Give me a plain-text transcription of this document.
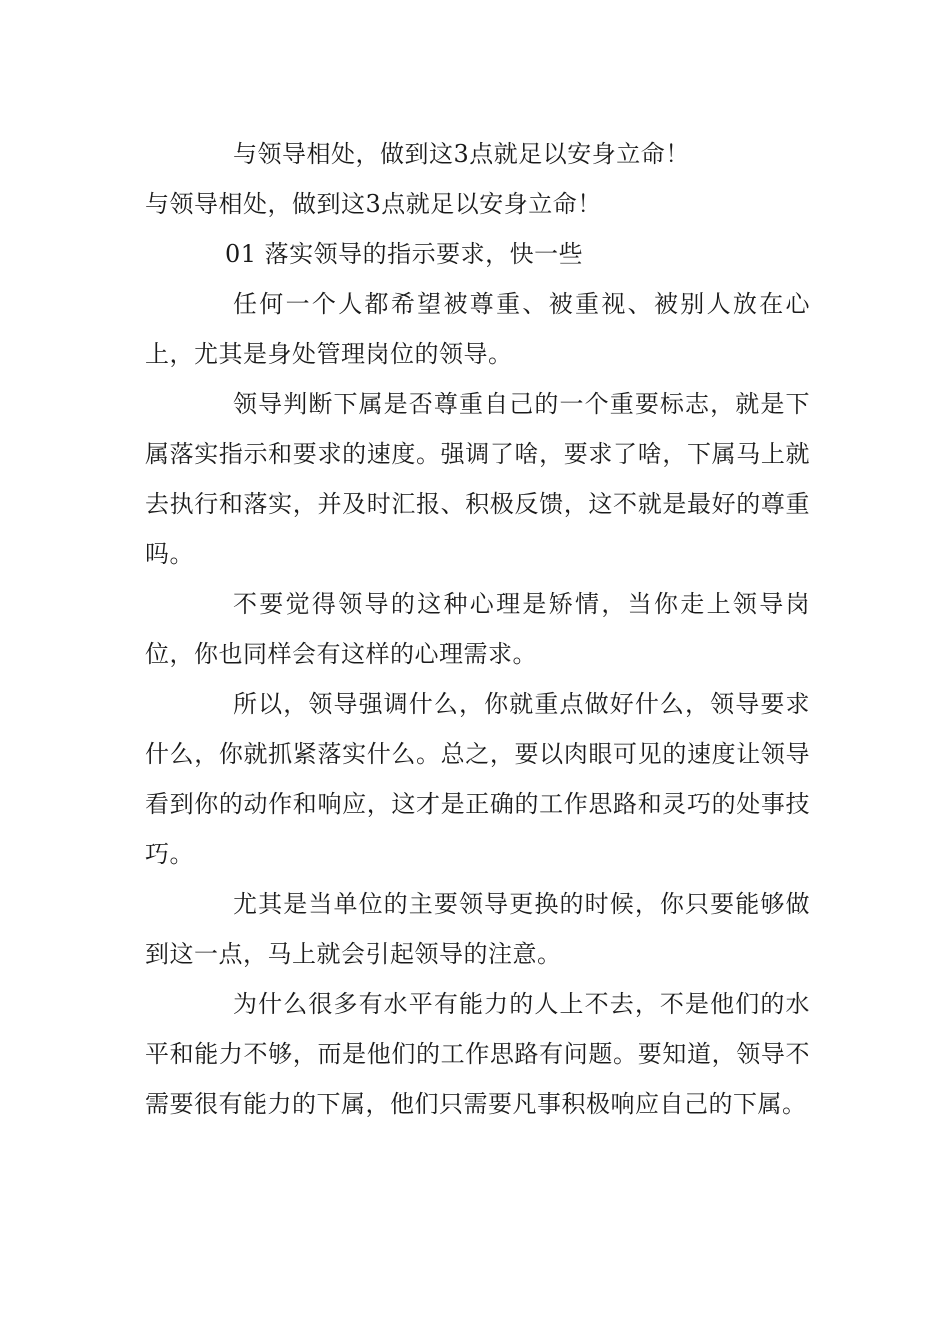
与领导相处，做到这3点就足以安身立命！

与领导相处，做到这3点就足以安身立命！

01 落实领导的指示要求，快一些

任何一个人都希望被尊重、被重视、被别人放在心上，尤其是身处管理岗位的领导。

领导判断下属是否尊重自己的一个重要标志，就是下属落实指示和要求的速度。强调了啥，要求了啥，下属马上就去执行和落实，并及时汇报、积极反馈，这不就是最好的尊重吗。

不要觉得领导的这种心理是矫情，当你走上领导岗位，你也同样会有这样的心理需求。

所以，领导强调什么，你就重点做好什么，领导要求什么，你就抓紧落实什么。总之，要以肉眼可见的速度让领导看到你的动作和响应，这才是正确的工作思路和灵巧的处事技巧。

尤其是当单位的主要领导更换的时候，你只要能够做到这一点，马上就会引起领导的注意。

为什么很多有水平有能力的人上不去，不是他们的水平和能力不够，而是他们的工作思路有问题。要知道，领导不需要很有能力的下属，他们只需要凡事积极响应自己的下属。
